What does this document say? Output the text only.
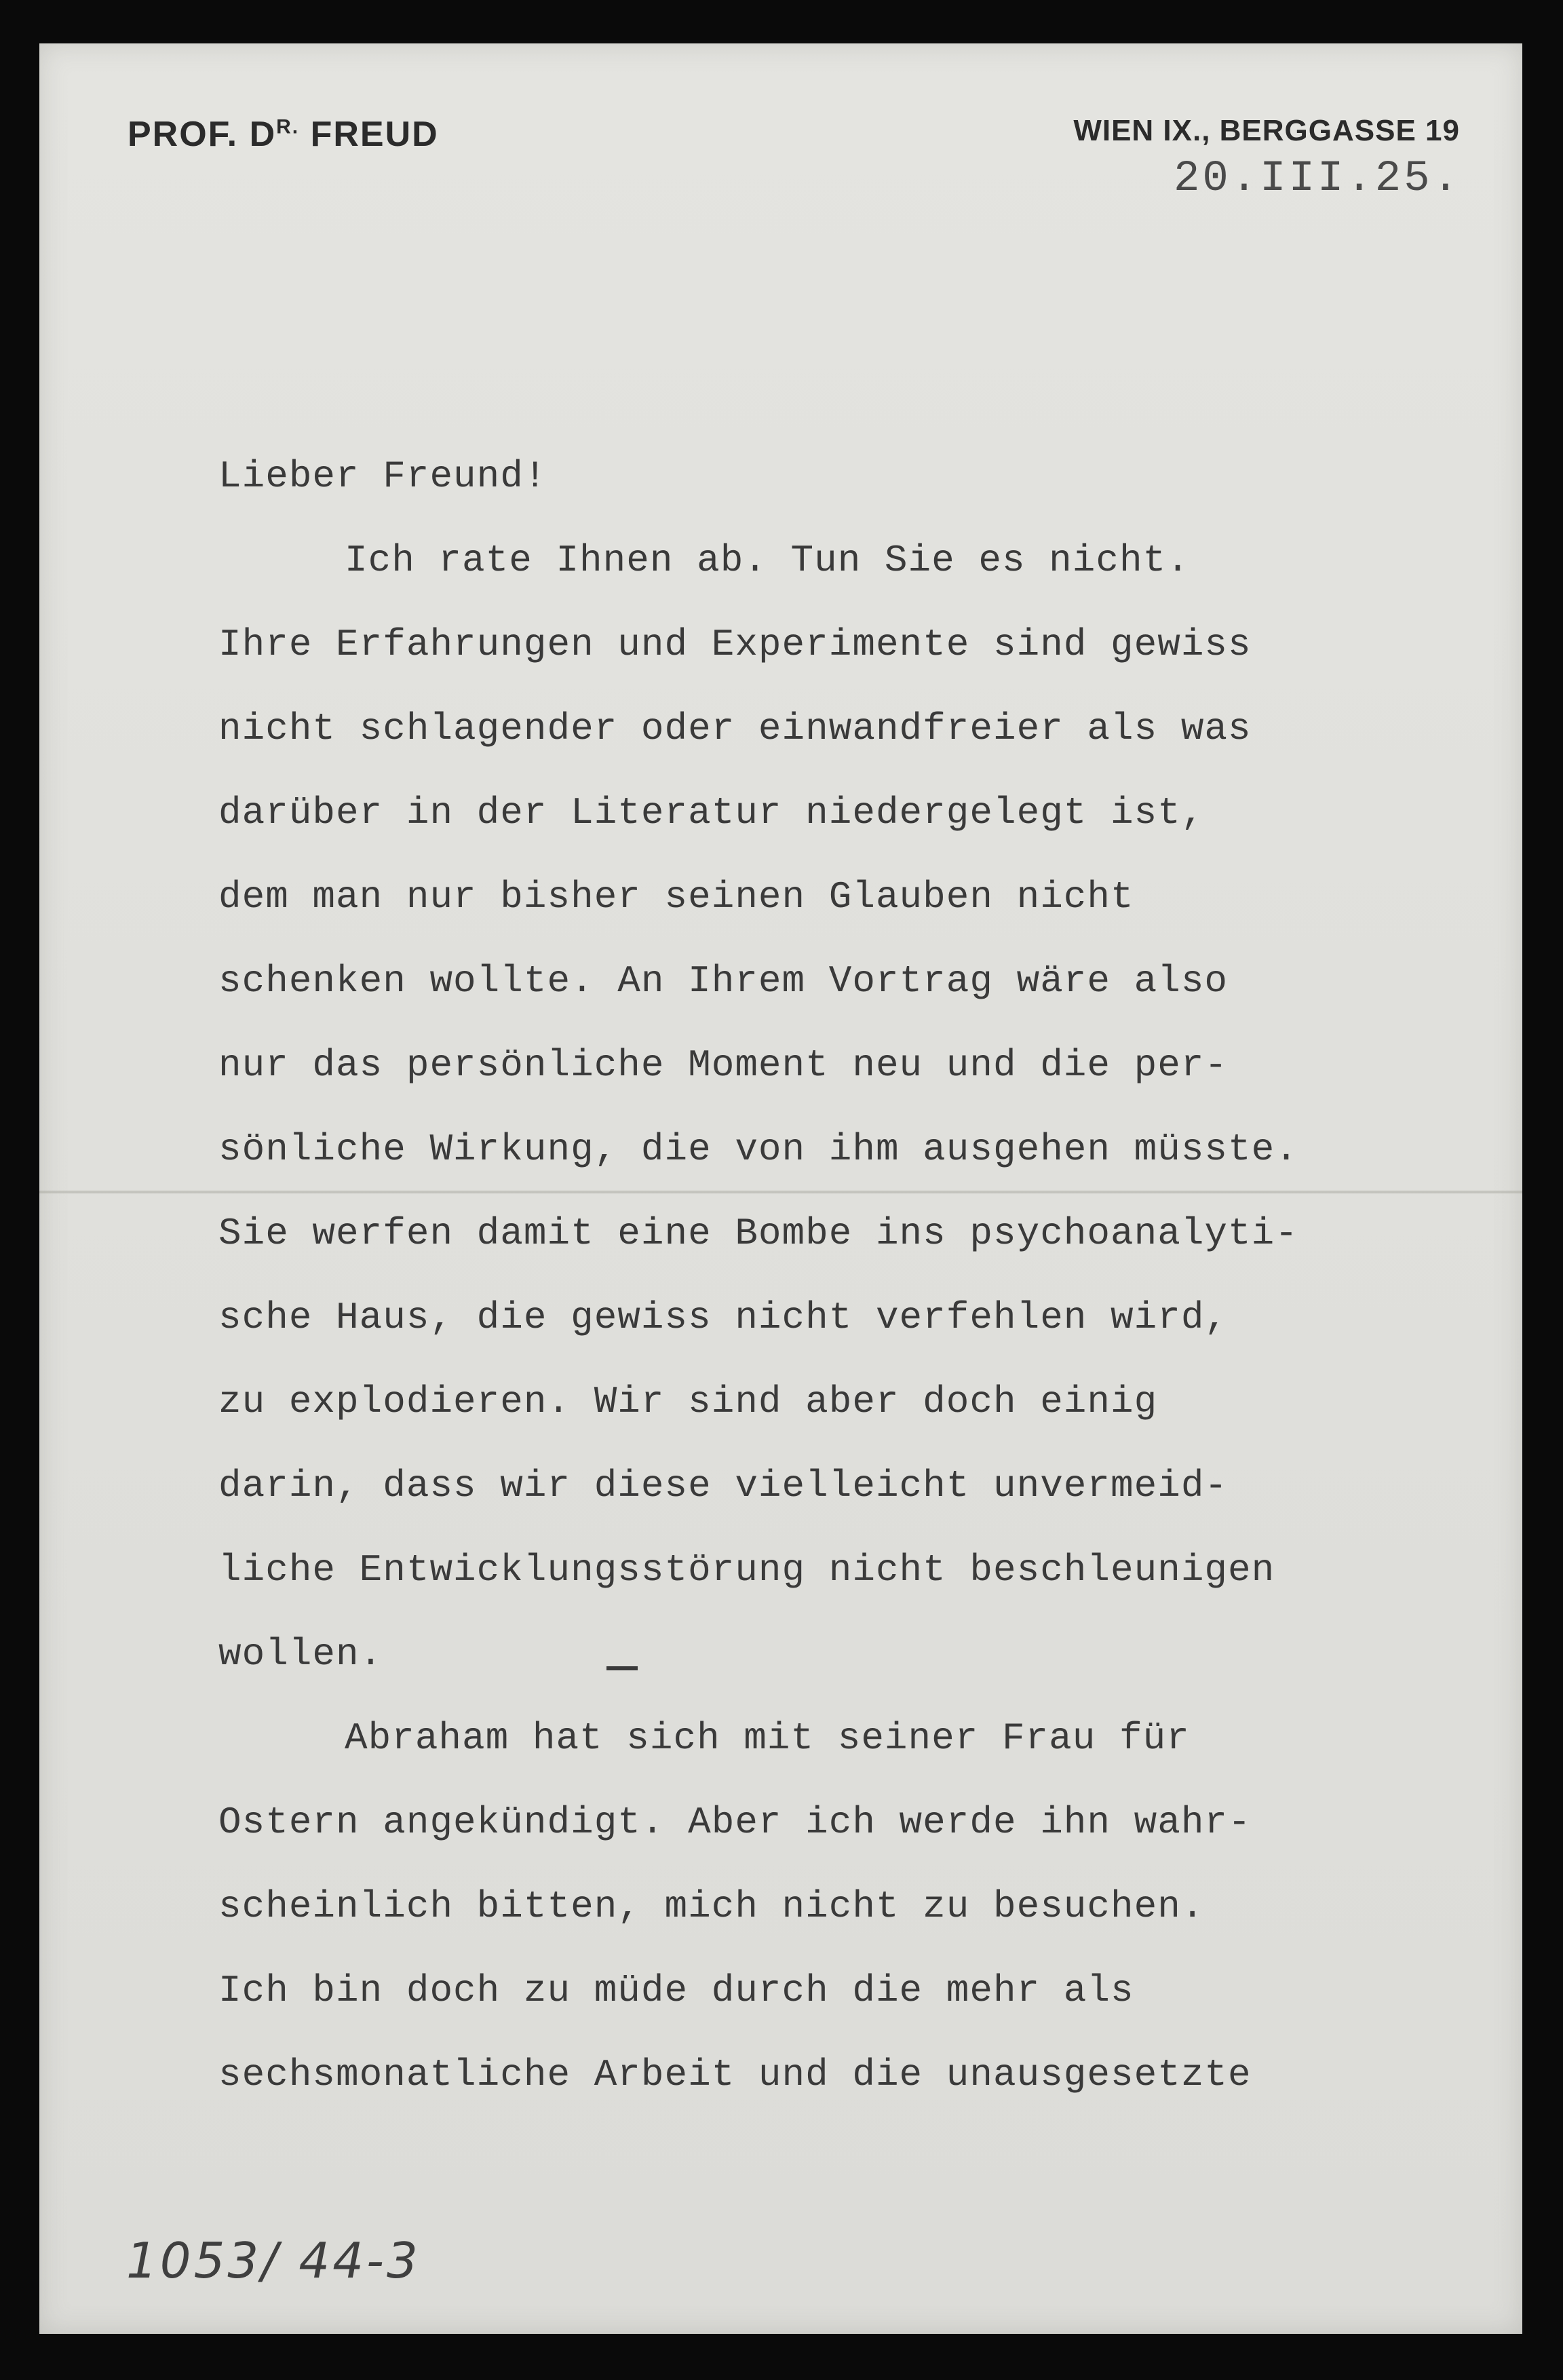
PROF. $D^{R.}$ FREUD	WIEN IX., BERGGASSE 19
20.III.25.
Lieber Freund!
Ich rate Ihnen ab. Tun Sie es nicht.
Ihre Erfahrungen und Experimente sind gewiss
nicht schlagender oder einwandfreier als was
darüber in der Literatur niedergelegt ist,
dem man nur bisher seinen Glauben nicht
schenken wollte. An Ihrem Vortrag wäre also
nur das persönliche Moment neu und die per-
sönliche Wirkung, die von ihm ausgehen müsste.
Sie werfen damit eine Bombe ins psychoanalyti-
sche Haus, die gewiss nicht verfehlen wird,
zu explodieren. Wir sind aber doch einig
darin, dass wir diese vielleicht unvermeid-
liche Entwicklungsstörung nicht beschleunigen
wollen.
Abraham hat sich mit seiner Frau für
Ostern angekündigt. Aber ich werde ihn wahr-
scheinlich bitten, mich nicht zu besuchen.
Ich bin doch zu müde durch die mehr als
sechsmonatliche Arbeit und die unausgesetzte
1053/ 44-3
